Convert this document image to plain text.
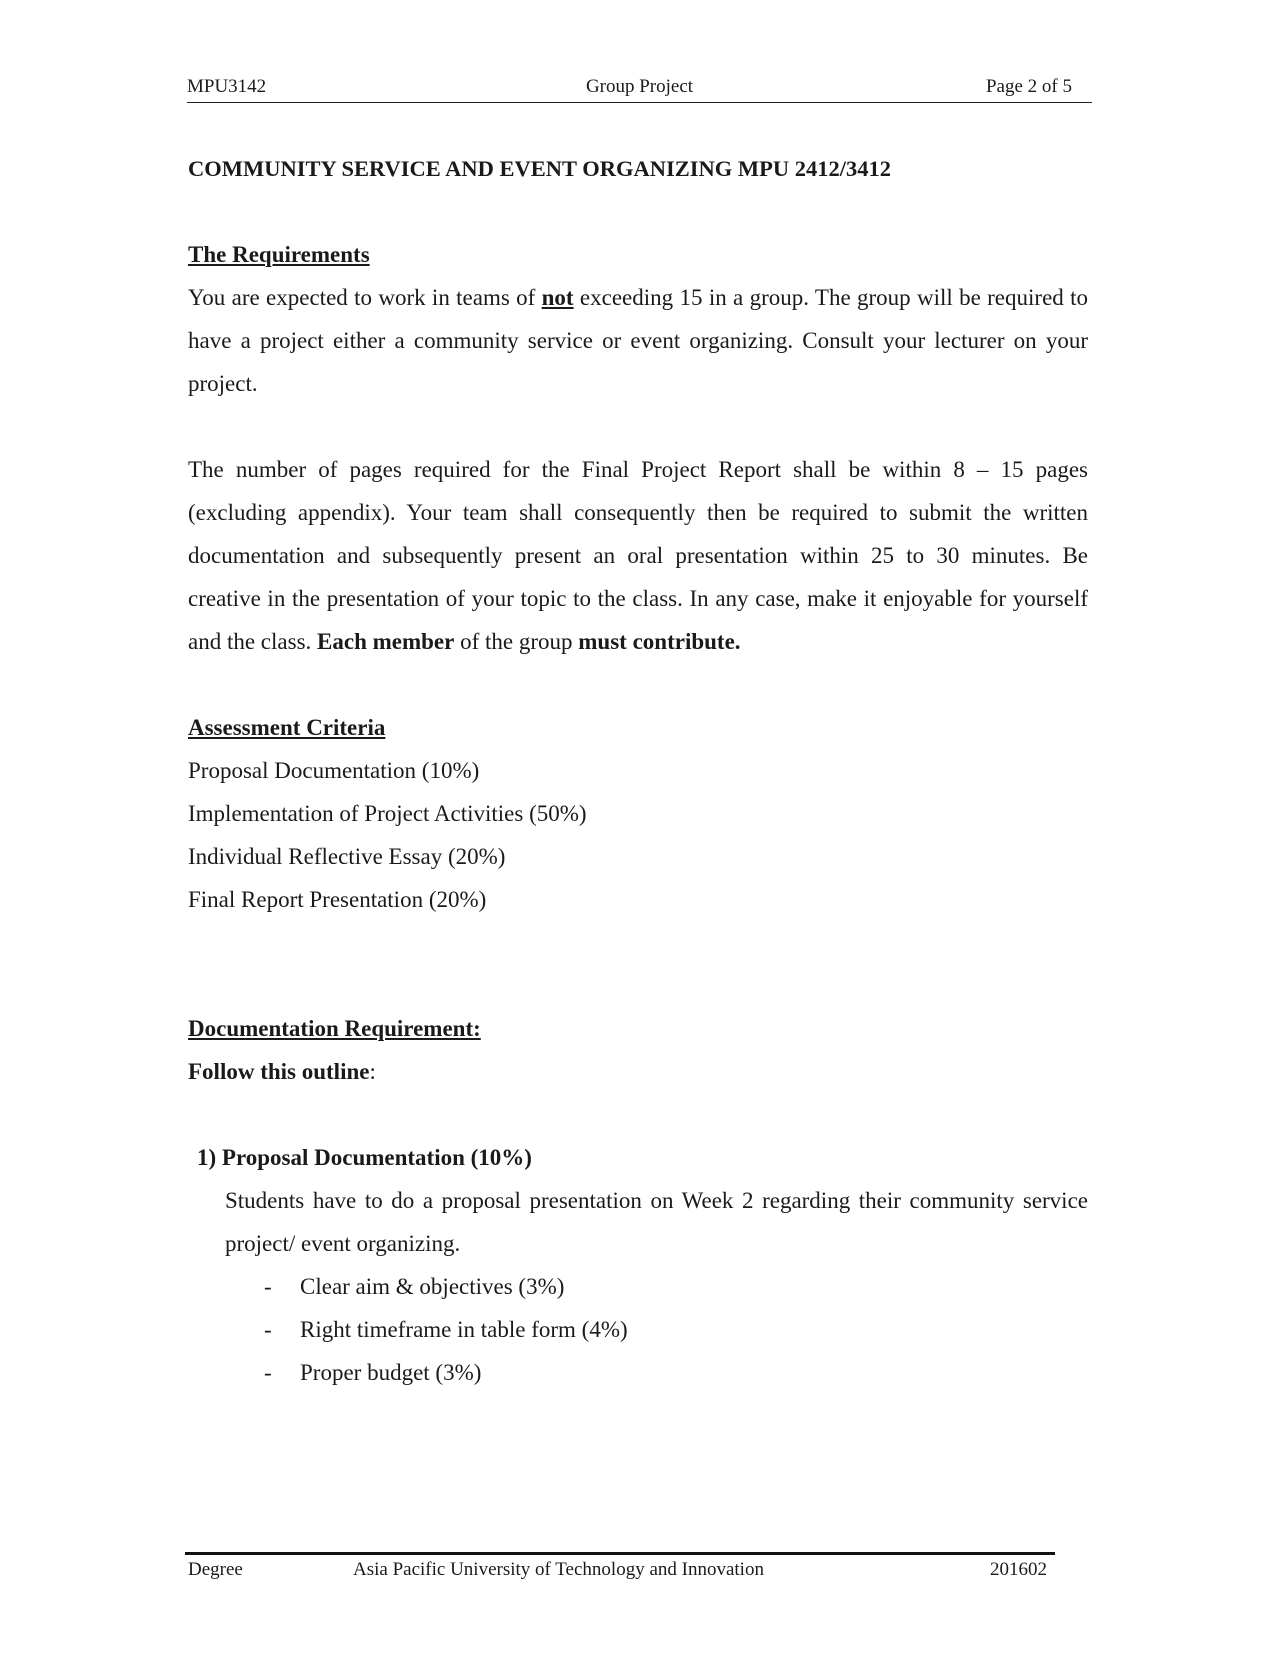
MPU3142	Group Project	Page 2 of 5

COMMUNITY SERVICE AND EVENT ORGANIZING MPU 2412/3412

The Requirements

You are expected to work in teams of not exceeding 15 in a group. The group will be required to have a project either a community service or event organizing. Consult your lecturer on your project.

The number of pages required for the Final Project Report shall be within 8 – 15 pages (excluding appendix). Your team shall consequently then be required to submit the written documentation and subsequently present an oral presentation within 25 to 30 minutes. Be creative in the presentation of your topic to the class. In any case, make it enjoyable for yourself and the class. Each member of the group must contribute.

Assessment Criteria

Proposal Documentation (10%)

Implementation of Project Activities (50%)

Individual Reflective Essay (20%)

Final Report Presentation (20%)

Documentation Requirement:

Follow this outline:

1) Proposal Documentation (10%)

Students have to do a proposal presentation on Week 2 regarding their community service project/ event organizing.

- Clear aim & objectives (3%)

- Right timeframe in table form (4%)

- Proper budget (3%)

Degree	Asia Pacific University of Technology and Innovation	201602
